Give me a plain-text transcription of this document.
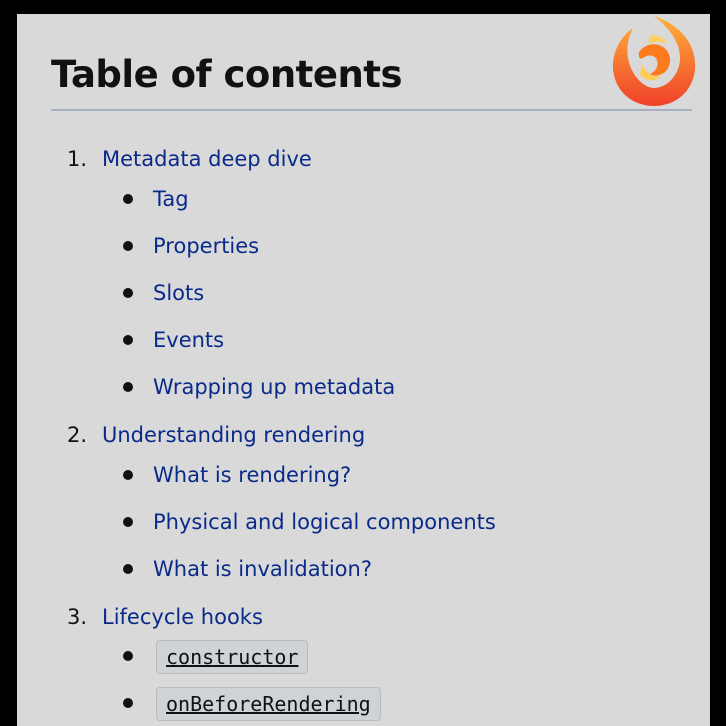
Table of contents
1. Metadata deep dive
Tag
Properties
Slots
Events
Wrapping up metadata
2. Understanding rendering
What is rendering?
Physical and logical components
What is invalidation?
3. Lifecycle hooks
constructor
onBeforeRendering
